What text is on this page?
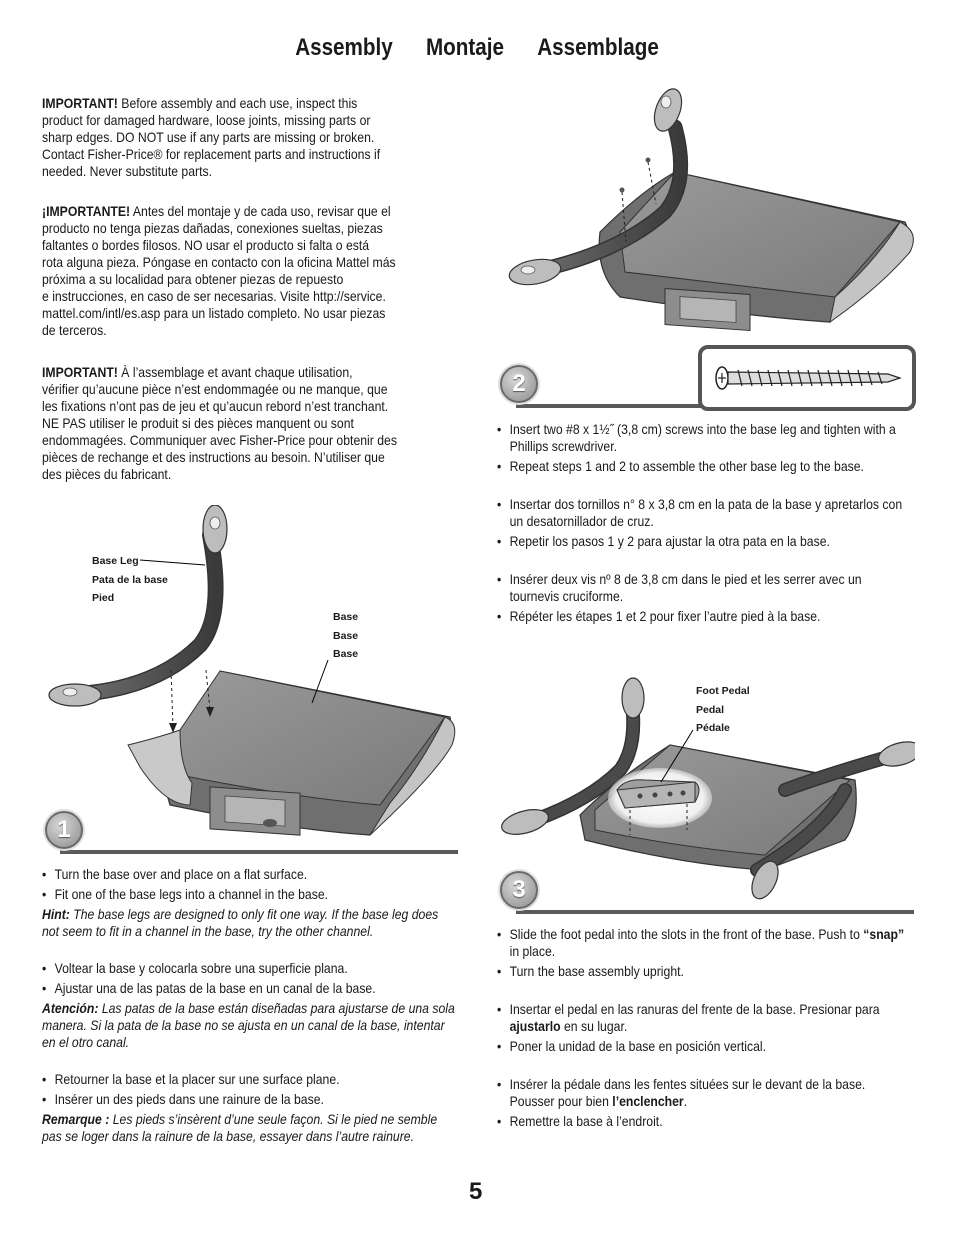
Assembly Montaje Assemblage
IMPORTANT! Before assembly and each use, inspect this
product for damaged hardware, loose joints, missing parts or
sharp edges. DO NOT use if any parts are missing or broken.
Contact Fisher-Price® for replacement parts and instructions if
needed. Never substitute parts.
¡IMPORTANTE! Antes del montaje y de cada uso, revisar que el
producto no tenga piezas dañadas, conexiones sueltas, piezas
faltantes o bordes filosos. NO usar el producto si falta o está
rota alguna pieza. Póngase en contacto con la oficina Mattel más
próxima a su localidad para obtener piezas de repuesto
e instrucciones, en caso de ser necesarias. Visite http://service.
mattel.com/intl/es.asp para un listado completo. No usar piezas
de terceros.
IMPORTANT! À l’assemblage et avant chaque utilisation,
vérifier qu’aucune pièce n’est endommagée ou ne manque, que
les fixations n’ont pas de jeu et qu’aucun rebord n’est tranchant.
NE PAS utiliser le produit si des pièces manquent ou sont
endommagées. Communiquer avec Fisher-Price pour obtenir des
pièces de rechange et des instructions au besoin. N’utiliser que
des pièces du fabricant.
Base Leg
Pata de la base
Pied
Base
Base
Base
1
• Turn the base over and place on a flat surface.
• Fit one of the base legs into a channel in the base.
Hint: The base legs are designed to only fit one way. If the base leg does not seem to fit in a channel in the base, try the other channel.
• Voltear la base y colocarla sobre una superficie plana.
• Ajustar una de las patas de la base en un canal de la base.
Atención: Las patas de la base están diseñadas para ajustarse de una sola manera. Si la pata de la base no se ajusta en un canal de la base, intentar en el otro canal.
• Retourner la base et la placer sur une surface plane.
• Insérer un des pieds dans une rainure de la base.
Remarque : Les pieds s’insèrent d’une seule façon. Si le pied ne semble pas se loger dans la rainure de la base, essayer dans l’autre rainure.
2
• Insert two #8 x 1½˝ (3,8 cm) screws into the base leg and tighten with a Phillips screwdriver.
• Repeat steps 1 and 2 to assemble the other base leg to the base.
• Insertar dos tornillos n° 8 x 3,8 cm en la pata de la base y apretarlos con un desatornillador de cruz.
• Repetir los pasos 1 y 2 para ajustar la otra pata en la base.
• Insérer deux vis nº 8 de 3,8 cm dans le pied et les serrer avec un tournevis cruciforme.
• Répéter les étapes 1 et 2 pour fixer l’autre pied à la base.
Foot Pedal
Pedal
Pédale
3
• Slide the foot pedal into the slots in the front of the base. Push to “snap” in place.
• Turn the base assembly upright.
• Insertar el pedal en las ranuras del frente de la base. Presionar para ajustarlo en su lugar.
• Poner la unidad de la base en posición vertical.
• Insérer la pédale dans les fentes situées sur le devant de la base. Pousser pour bien l’enclencher.
• Remettre la base à l’endroit.
5
